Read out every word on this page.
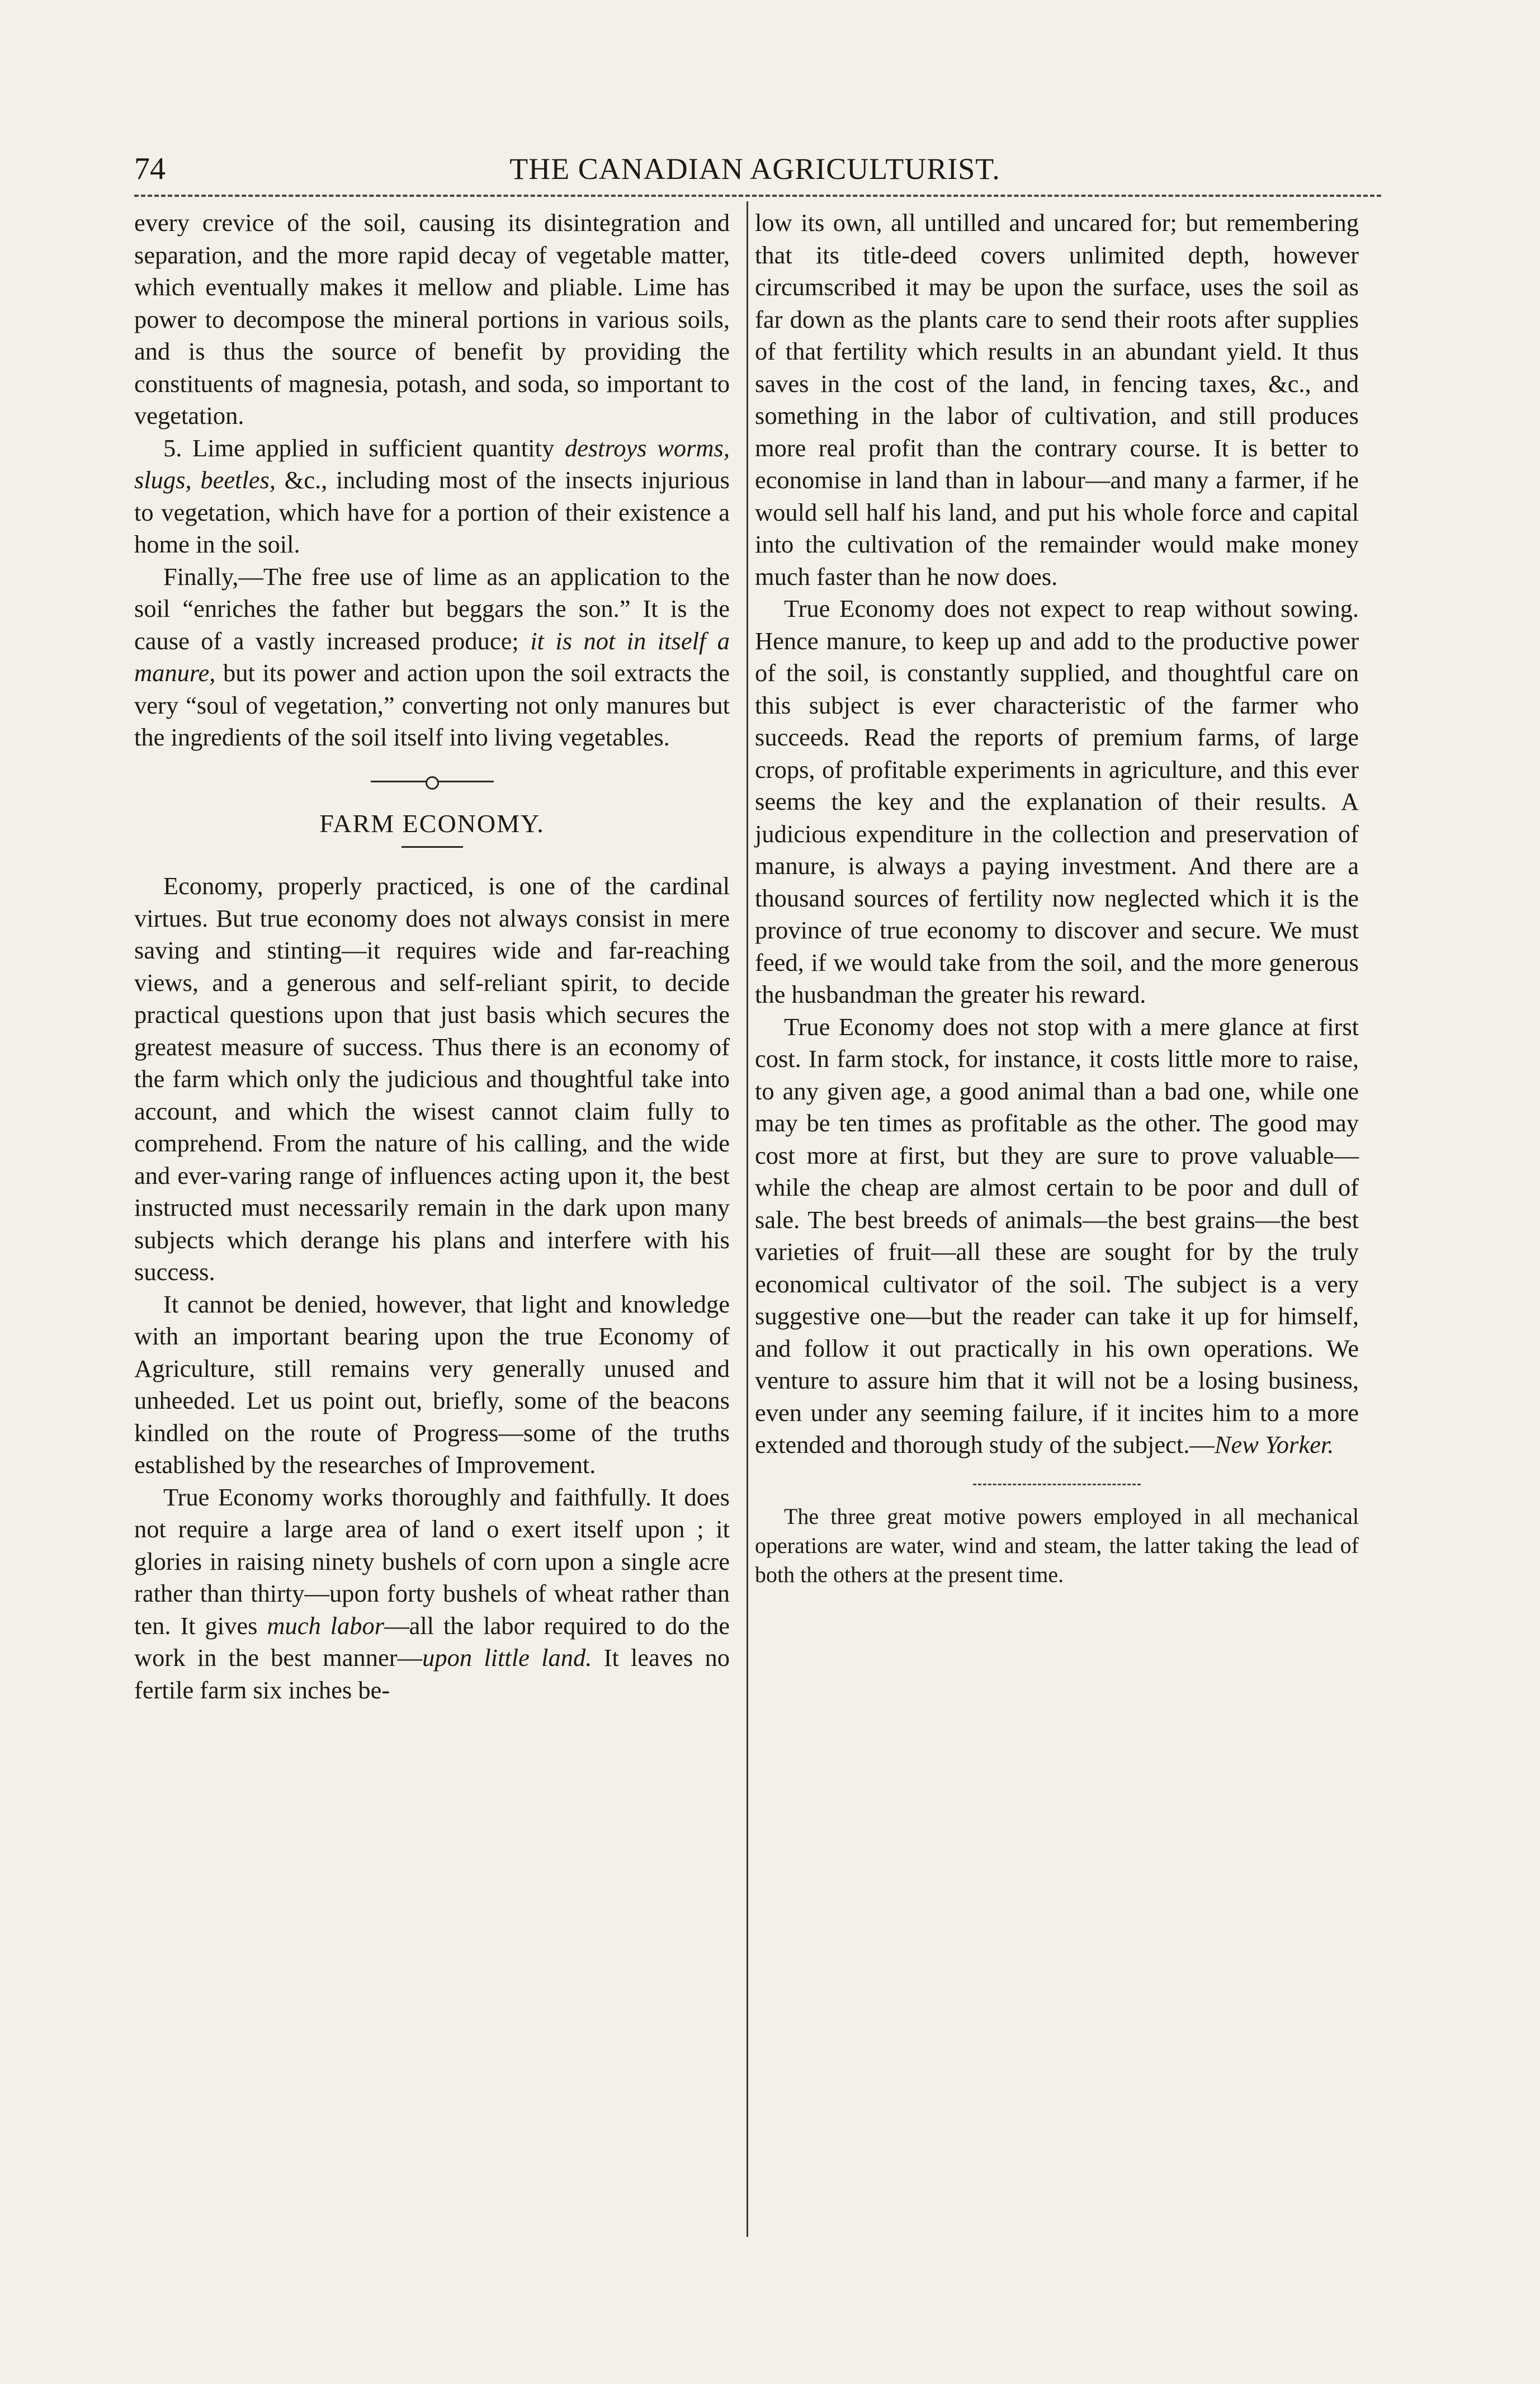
74	THE CANADIAN AGRICULTURIST.

every crevice of the soil, causing its disintegration and separation, and the more rapid decay of vegetable matter, which eventually makes it mellow and pliable. Lime has power to decompose the mineral portions in various soils, and is thus the source of benefit by providing the constituents of magnesia, potash, and soda, so important to vegetation.

5. Lime applied in sufficient quantity destroys worms, slugs, beetles, &c., including most of the insects injurious to vegetation, which have for a portion of their existence a home in the soil.

Finally,—The free use of lime as an application to the soil “enriches the father but beggars the son.” It is the cause of a vastly increased produce; it is not in itself a manure, but its power and action upon the soil extracts the very “soul of vegetation,” converting not only manures but the ingredients of the soil itself into living vegetables.

FARM ECONOMY.

Economy, properly practiced, is one of the cardinal virtues. But true economy does not always consist in mere saving and stinting—it requires wide and far-reaching views, and a generous and self-reliant spirit, to decide practical questions upon that just basis which secures the greatest measure of success. Thus there is an economy of the farm which only the judicious and thoughtful take into account, and which the wisest cannot claim fully to comprehend. From the nature of his calling, and the wide and ever-varing range of influences acting upon it, the best instructed must necessarily remain in the dark upon many subjects which derange his plans and interfere with his success.

It cannot be denied, however, that light and knowledge with an important bearing upon the true Economy of Agriculture, still remains very generally unused and unheeded. Let us point out, briefly, some of the beacons kindled on the route of Progress—some of the truths established by the researches of Improvement.

True Economy works thoroughly and faithfully. It does not require a large area of land o exert itself upon ; it glories in raising ninety bushels of corn upon a single acre rather than thirty—upon forty bushels of wheat rather than ten. It gives much labor—all the labor required to do the work in the best manner—upon little land. It leaves no fertile farm six inches be-

low its own, all untilled and uncared for; but remembering that its title-deed covers unlimited depth, however circumscribed it may be upon the surface, uses the soil as far down as the plants care to send their roots after supplies of that fertility which results in an abundant yield. It thus saves in the cost of the land, in fencing taxes, &c., and something in the labor of cultivation, and still produces more real profit than the contrary course. It is better to economise in land than in labour—and many a farmer, if he would sell half his land, and put his whole force and capital into the cultivation of the remainder would make money much faster than he now does.

True Economy does not expect to reap without sowing. Hence manure, to keep up and add to the productive power of the soil, is constantly supplied, and thoughtful care on this subject is ever characteristic of the farmer who succeeds. Read the reports of premium farms, of large crops, of profitable experiments in agriculture, and this ever seems the key and the explanation of their results. A judicious expenditure in the collection and preservation of manure, is always a paying investment. And there are a thousand sources of fertility now neglected which it is the province of true economy to discover and secure. We must feed, if we would take from the soil, and the more generous the husbandman the greater his reward.

True Economy does not stop with a mere glance at first cost. In farm stock, for instance, it costs little more to raise, to any given age, a good animal than a bad one, while one may be ten times as profitable as the other. The good may cost more at first, but they are sure to prove valuable—while the cheap are almost certain to be poor and dull of sale. The best breeds of animals—the best grains—the best varieties of fruit—all these are sought for by the truly economical cultivator of the soil. The subject is a very suggestive one—but the reader can take it up for himself, and follow it out practically in his own operations. We venture to assure him that it will not be a losing business, even under any seeming failure, if it incites him to a more extended and thorough study of the subject.—New Yorker.

The three great motive powers employed in all mechanical operations are water, wind and steam, the latter taking the lead of both the others at the present time.
